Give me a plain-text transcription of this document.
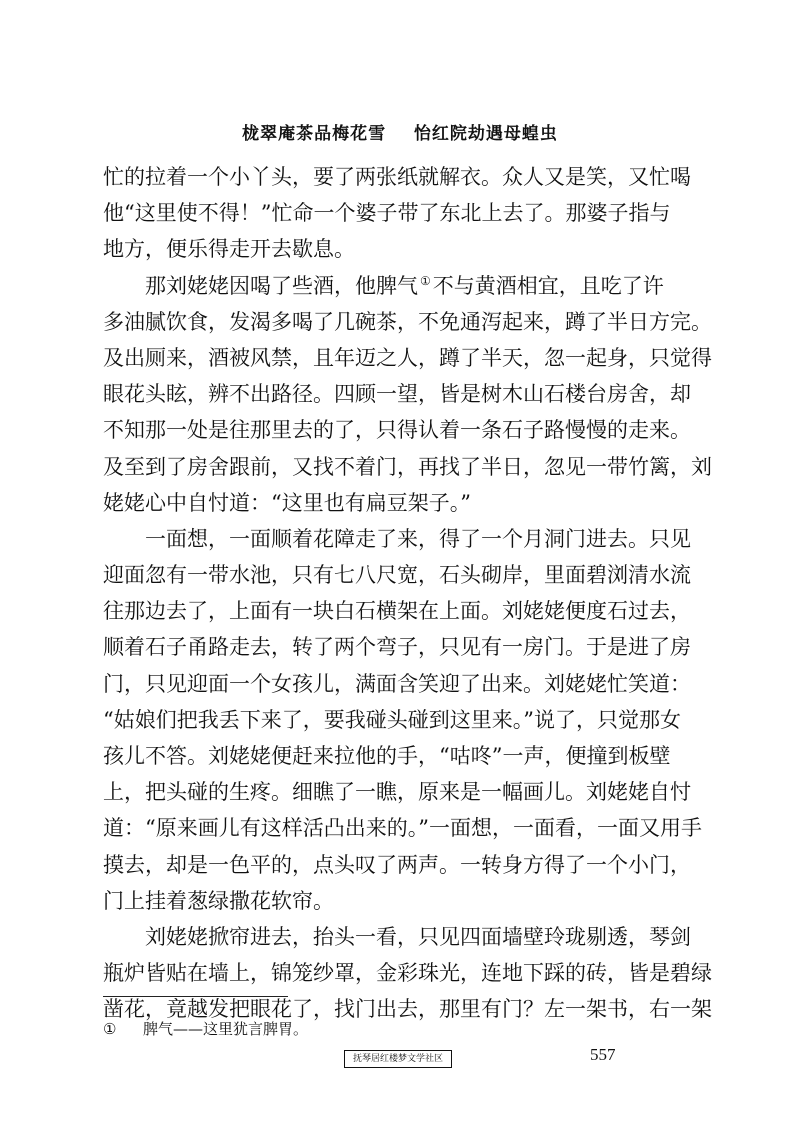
栊翠庵茶品梅花雪    怡红院劫遇母蝗虫
忙的拉着一个小丫头，要了两张纸就解衣。众人又是笑，又忙喝
他“这里使不得！”忙命一个婆子带了东北上去了。那婆子指与
地方，便乐得走开去歇息。
那刘姥姥因喝了些酒，他脾气 ①不与黄酒相宜，且吃了许
多油腻饮食，发渴多喝了几碗茶，不免通泻起来，蹲了半日方完。
及出厕来，酒被风禁，且年迈之人，蹲了半天，忽一起身，只觉得
眼花头眩，辨不出路径。四顾一望，皆是树木山石楼台房舍，却
不知那一处是往那里去的了，只得认着一条石子路慢慢的走来。
及至到了房舍跟前，又找不着门，再找了半日，忽见一带竹篱，刘
姥姥心中自忖道：“这里也有扁豆架子。”
一面想，一面顺着花障走了来，得了一个月洞门进去。只见
迎面忽有一带水池，只有七八尺宽，石头砌岸，里面碧浏清水流
往那边去了，上面有一块白石横架在上面。刘姥姥便度石过去，
顺着石子甬路走去，转了两个弯子，只见有一房门。于是进了房
门，只见迎面一个女孩儿，满面含笑迎了出来。刘姥姥忙笑道：
“姑娘们把我丢下来了，要我碰头碰到这里来。”说了，只觉那女
孩儿不答。刘姥姥便赶来拉他的手，“咕咚”一声，便撞到板壁
上，把头碰的生疼。细瞧了一瞧，原来是一幅画儿。刘姥姥自忖
道：“原来画儿有这样活凸出来的。”一面想，一面看，一面又用手
摸去，却是一色平的，点头叹了两声。一转身方得了一个小门，
门上挂着葱绿撒花软帘。
刘姥姥掀帘进去，抬头一看，只见四面墙壁玲珑剔透，琴剑
瓶炉皆贴在墙上，锦笼纱罩，金彩珠光，连地下踩的砖，皆是碧绿
凿花，竟越发把眼花了，找门出去，那里有门？左一架书，右一架
① 脾气——这里犹言脾胃。
抚琴居红楼梦文学社区	557
